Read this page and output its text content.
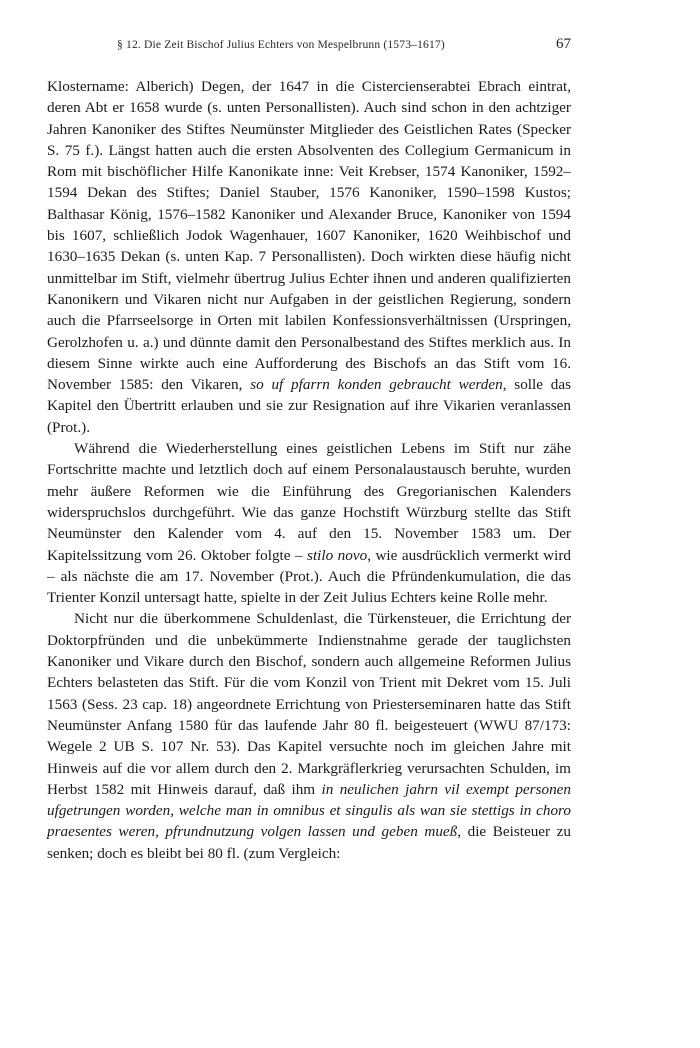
§ 12. Die Zeit Bischof Julius Echters von Mespelbrunn (1573–1617)	67

Klostername: Alberich) Degen, der 1647 in die Cistercienserabtei Ebrach eintrat, deren Abt er 1658 wurde (s. unten Personallisten). Auch sind schon in den achtziger Jahren Kanoniker des Stiftes Neumünster Mitglieder des Geistlichen Rates (Specker S. 75 f.). Längst hatten auch die ersten Absolventen des Collegium Germanicum in Rom mit bischöflicher Hilfe Kanonikate inne: Veit Krebser, 1574 Kanoniker, 1592–1594 Dekan des Stiftes; Daniel Stauber, 1576 Kanoniker, 1590–1598 Kustos; Balthasar König, 1576–1582 Kanoniker und Alexander Bruce, Kanoniker von 1594 bis 1607, schließlich Jodok Wagenhauer, 1607 Kanoniker, 1620 Weihbischof und 1630–1635 Dekan (s. unten Kap. 7 Personallisten). Doch wirkten diese häufig nicht unmittelbar im Stift, vielmehr übertrug Julius Echter ihnen und anderen qualifizierten Kanonikern und Vikaren nicht nur Aufgaben in der geistlichen Regierung, sondern auch die Pfarrseelsorge in Orten mit labilen Konfessionsverhältnissen (Urspringen, Gerolzhofen u. a.) und dünnte damit den Personalbestand des Stiftes merklich aus. In diesem Sinne wirkte auch eine Aufforderung des Bischofs an das Stift vom 16. November 1585: den Vikaren, so uf pfarrn konden gebraucht werden, solle das Kapitel den Übertritt erlauben und sie zur Resignation auf ihre Vikarien veranlassen (Prot.).

Während die Wiederherstellung eines geistlichen Lebens im Stift nur zähe Fortschritte machte und letztlich doch auf einem Personalaustausch beruhte, wurden mehr äußere Reformen wie die Einführung des Gregorianischen Kalenders widerspruchslos durchgeführt. Wie das ganze Hochstift Würzburg stellte das Stift Neumünster den Kalender vom 4. auf den 15. November 1583 um. Der Kapitelssitzung vom 26. Oktober folgte – stilo novo, wie ausdrücklich vermerkt wird – als nächste die am 17. November (Prot.). Auch die Pfründenkumulation, die das Trienter Konzil untersagt hatte, spielte in der Zeit Julius Echters keine Rolle mehr.

Nicht nur die überkommene Schuldenlast, die Türkensteuer, die Errichtung der Doktorpfründen und die unbekümmerte Indienstnahme gerade der tauglichsten Kanoniker und Vikare durch den Bischof, sondern auch allgemeine Reformen Julius Echters belasteten das Stift. Für die vom Konzil von Trient mit Dekret vom 15. Juli 1563 (Sess. 23 cap. 18) angeordnete Errichtung von Priesterseminaren hatte das Stift Neumünster Anfang 1580 für das laufende Jahr 80 fl. beigesteuert (WWU 87/173: Wegele 2 UB S. 107 Nr. 53). Das Kapitel versuchte noch im gleichen Jahre mit Hinweis auf die vor allem durch den 2. Markgräflerkrieg verursachten Schulden, im Herbst 1582 mit Hinweis darauf, daß ihm in neulichen jahrn vil exempt personen ufgetrungen worden, welche man in omnibus et singulis als wan sie stettigs in choro praesentes weren, pfrundnutzung volgen lassen und geben mueß, die Beisteuer zu senken; doch es bleibt bei 80 fl. (zum Vergleich:
